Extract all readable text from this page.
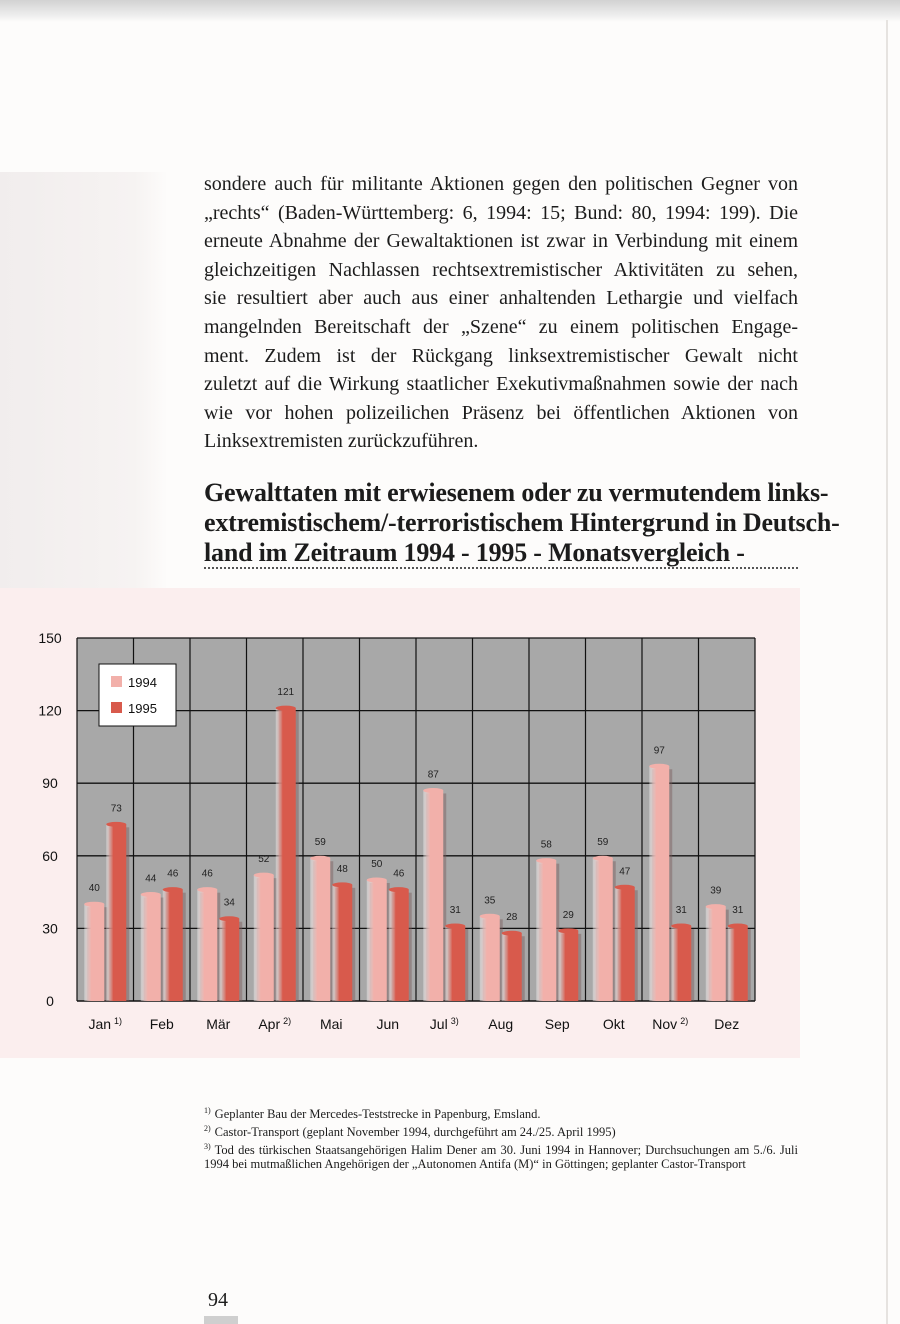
sondere auch für militante Aktionen gegen den politischen Gegner von
„rechts“ (Baden-Württemberg: 6, 1994: 15; Bund: 80, 1994: 199). Die
erneute Abnahme der Gewaltaktionen ist zwar in Verbindung mit einem
gleichzeitigen Nachlassen rechtsextremistischer Aktivitäten zu sehen,
sie resultiert aber auch aus einer anhaltenden Lethargie und vielfach
mangelnden Bereitschaft der „Szene“ zu einem politischen Engage-
ment. Zudem ist der Rückgang linksextremistischer Gewalt nicht
zuletzt auf die Wirkung staatlicher Exekutivmaßnahmen sowie der nach
wie vor hohen polizeilichen Präsenz bei öffentlichen Aktionen von
Linksextremisten zurückzuführen.
Gewalttaten mit erwiesenem oder zu vermutendem links-
extremistischem/-terroristischem Hintergrund in Deutsch-
land im Zeitraum 1994 - 1995 - Monatsvergleich -
0
30
60
90
120
150
40
44	46
52
59
50
87
35
58	59
97
39
73
46
34
121
48	46
31
28	29
47
31	31
Jan $^{1)}$ Feb Mär Apr $^{2)}$ Mai Jun Jul $^{3)}$ Aug Sep Okt Nov $^{2)}$ Dez
1994
1995
$^{1)}$ Geplanter Bau der Mercedes-Teststrecke in Papenburg, Emsland.
$^{2)}$ Castor-Transport (geplant November 1994, durchgeführt am 24./25. April 1995)
$^{3)}$ Tod des türkischen Staatsangehörigen Halim Dener am 30. Juni 1994 in Hannover; Durchsuchungen am 5./6. Juli 1994 bei mutmaßlichen Angehörigen der „Autonomen Antifa (M)“ in Göttingen; geplanter Castor-Transport
94
